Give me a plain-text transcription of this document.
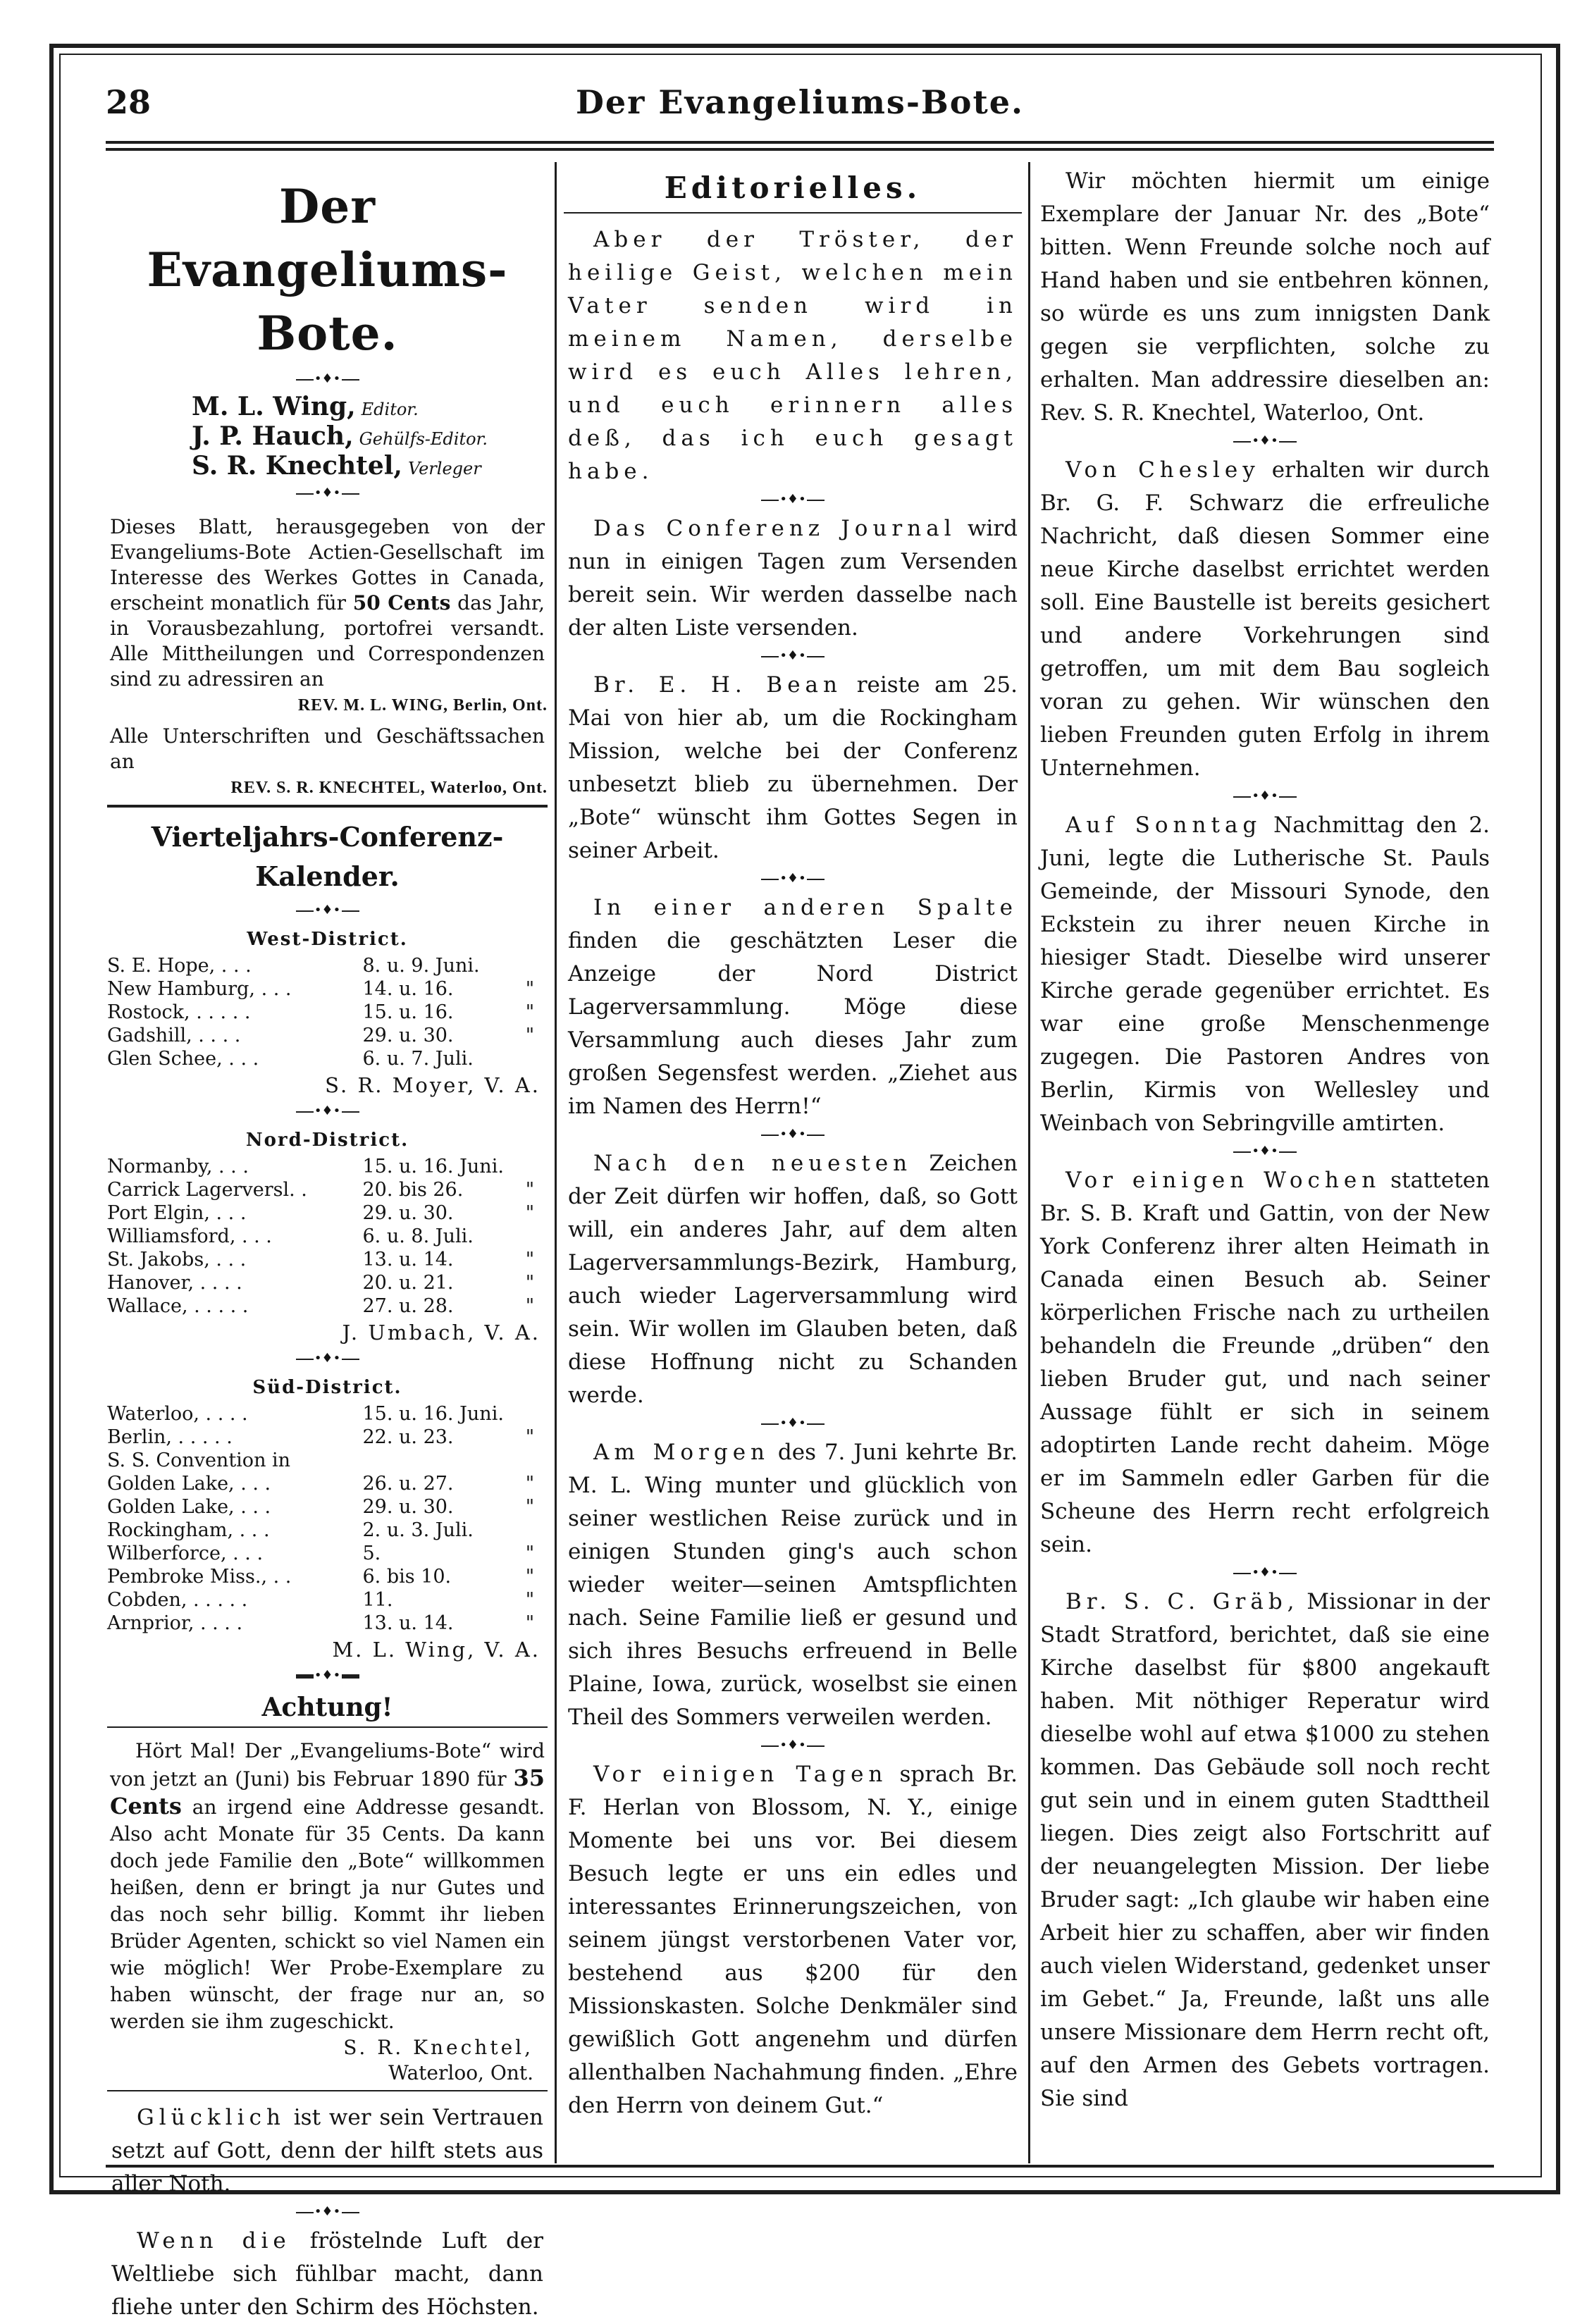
28	Der Evangeliums-Bote.
Der Evangeliums-Bote.
•♦•
M. L. Wing, Editor.
J. P. Hauch, Gehülfs-Editor.
S. R. Knechtel, Verleger
•♦•
Dieses Blatt, herausgegeben von der Evangeliums-Bote Actien-Gesellschaft im Interesse des Werkes Gottes in Canada, erscheint monatlich für 50 Cents das Jahr, in Vorausbezahlung, portofrei versandt. Alle Mittheilungen und Correspondenzen sind zu adressiren an
REV. M. L. WING, Berlin, Ont.
Alle Unterschriften und Geschäftssachen an
REV. S. R. KNECHTEL, Waterloo, Ont.
Vierteljahrs-Conferenz-Kalender.
•♦•
West-District.
S. E. Hope, . . .	8. u. 9. Juni.	
New Hamburg, . . .	14. u. 16.	"
Rostock, . . . . .	15. u. 16.	"
Gadshill, . . . .	29. u. 30.	"
Glen Schee, . . .	6. u. 7. Juli.	
S. R. Moyer, V. A.
•♦•
Nord-District.
Normanby, . . .	15. u. 16. Juni.	
Carrick Lagerversl. .	20. bis 26.	"
Port Elgin, . . .	29. u. 30.	"
Williamsford, . . .	6. u. 8. Juli.	
St. Jakobs, . . .	13. u. 14.	"
Hanover, . . . .	20. u. 21.	"
Wallace, . . . . .	27. u. 28.	"
J. Umbach, V. A.
•♦•
Süd-District.
Waterloo, . . . .	15. u. 16. Juni.	
Berlin, . . . . .	22. u. 23.	"
S. S. Convention in		
Golden Lake, . . .	26. u. 27.	"
Golden Lake, . . .	29. u. 30.	"
Rockingham, . . .	2. u. 3. Juli.	
Wilberforce, . . .	5.	"
Pembroke Miss., . .	6. bis 10.	"
Cobden, . . . . .	11.	"
Arnprior, . . . .	13. u. 14.	"
M. L. Wing, V. A.
•♦•
Achtung!
Hört Mal! Der „Evangeliums-Bote“ wird von jetzt an (Juni) bis Februar 1890 für 35 Cents an irgend eine Addresse gesandt. Also acht Monate für 35 Cents. Da kann doch jede Familie den „Bote“ willkommen heißen, denn er bringt ja nur Gutes und das noch sehr billig. Kommt ihr lieben Brüder Agenten, schickt so viel Namen ein wie möglich! Wer Probe-Exemplare zu haben wünscht, der frage nur an, so werden sie ihm zugeschickt.
S. R. Knechtel,
Waterloo, Ont.

Glücklich ist wer sein Vertrauen setzt auf Gott, denn der hilft stets aus aller Noth.

•♦•

Wenn die fröstelnde Luft der Weltliebe sich fühlbar macht, dann fliehe unter den Schirm des Höchsten.

Editorielles.

Aber der Tröster, der heilige Geist, welchen mein Vater senden wird in meinem Namen, derselbe wird es euch Alles lehren, und euch erinnern alles deß, das ich euch gesagt habe.

•♦•

Das Conferenz Journal wird nun in einigen Tagen zum Versenden bereit sein. Wir werden dasselbe nach der alten Liste versenden.

•♦•

Br. E. H. Bean reiste am 25. Mai von hier ab, um die Rockingham Mission, welche bei der Conferenz unbesetzt blieb zu übernehmen. Der „Bote“ wünscht ihm Gottes Segen in seiner Arbeit.

•♦•

In einer anderen Spalte finden die geschätzten Leser die Anzeige der Nord District Lagerversammlung. Möge diese Versammlung auch dieses Jahr zum großen Segensfest werden. „Ziehet aus im Namen des Herrn!“

•♦•

Nach den neuesten Zeichen der Zeit dürfen wir hoffen, daß, so Gott will, ein anderes Jahr, auf dem alten Lagerversammlungs-Bezirk, Hamburg, auch wieder Lagerversammlung wird sein. Wir wollen im Glauben beten, daß diese Hoffnung nicht zu Schanden werde.

•♦•

Am Morgen des 7. Juni kehrte Br. M. L. Wing munter und glücklich von seiner westlichen Reise zurück und in einigen Stunden ging's auch schon wieder weiter—seinen Amtspflichten nach. Seine Familie ließ er gesund und sich ihres Besuchs erfreuend in Belle Plaine, Iowa, zurück, woselbst sie einen Theil des Sommers verweilen werden.

•♦•

Vor einigen Tagen sprach Br. F. Herlan von Blossom, N. Y., einige Momente bei uns vor. Bei diesem Besuch legte er uns ein edles und interessantes Erinnerungszeichen, von seinem jüngst verstorbenen Vater vor, bestehend aus $200 für den Missionskasten. Solche Denkmäler sind gewißlich Gott angenehm und dürfen allenthalben Nachahmung finden. „Ehre den Herrn von deinem Gut.“

Wir möchten hiermit um einige Exemplare der Januar Nr. des „Bote“ bitten. Wenn Freunde solche noch auf Hand haben und sie entbehren können, so würde es uns zum innigsten Dank gegen sie verpflichten, solche zu erhalten. Man addressire dieselben an: Rev. S. R. Knechtel, Waterloo, Ont.

•♦•

Von Chesley erhalten wir durch Br. G. F. Schwarz die erfreuliche Nachricht, daß diesen Sommer eine neue Kirche daselbst errichtet werden soll. Eine Baustelle ist bereits gesichert und andere Vorkehrungen sind getroffen, um mit dem Bau sogleich voran zu gehen. Wir wünschen den lieben Freunden guten Erfolg in ihrem Unternehmen.

•♦•

Auf Sonntag Nachmittag den 2. Juni, legte die Lutherische St. Pauls Gemeinde, der Missouri Synode, den Eckstein zu ihrer neuen Kirche in hiesiger Stadt. Dieselbe wird unserer Kirche gerade gegenüber errichtet. Es war eine große Menschenmenge zugegen. Die Pastoren Andres von Berlin, Kirmis von Wellesley und Weinbach von Sebringville amtirten.

•♦•

Vor einigen Wochen statteten Br. S. B. Kraft und Gattin, von der New York Conferenz ihrer alten Heimath in Canada einen Besuch ab. Seiner körperlichen Frische nach zu urtheilen behandeln die Freunde „drüben“ den lieben Bruder gut, und nach seiner Aussage fühlt er sich in seinem adoptirten Lande recht daheim. Möge er im Sammeln edler Garben für die Scheune des Herrn recht erfolgreich sein.

•♦•

Br. S. C. Gräb, Missionar in der Stadt Stratford, berichtet, daß sie eine Kirche daselbst für $800 angekauft haben. Mit nöthiger Reperatur wird dieselbe wohl auf etwa $1000 zu stehen kommen. Das Gebäude soll noch recht gut sein und in einem guten Stadttheil liegen. Dies zeigt also Fortschritt auf der neuangelegten Mission. Der liebe Bruder sagt: „Ich glaube wir haben eine Arbeit hier zu schaffen, aber wir finden auch vielen Widerstand, gedenket unser im Gebet.“ Ja, Freunde, laßt uns alle unsere Missionare dem Herrn recht oft, auf den Armen des Gebets vortragen. Sie sind
